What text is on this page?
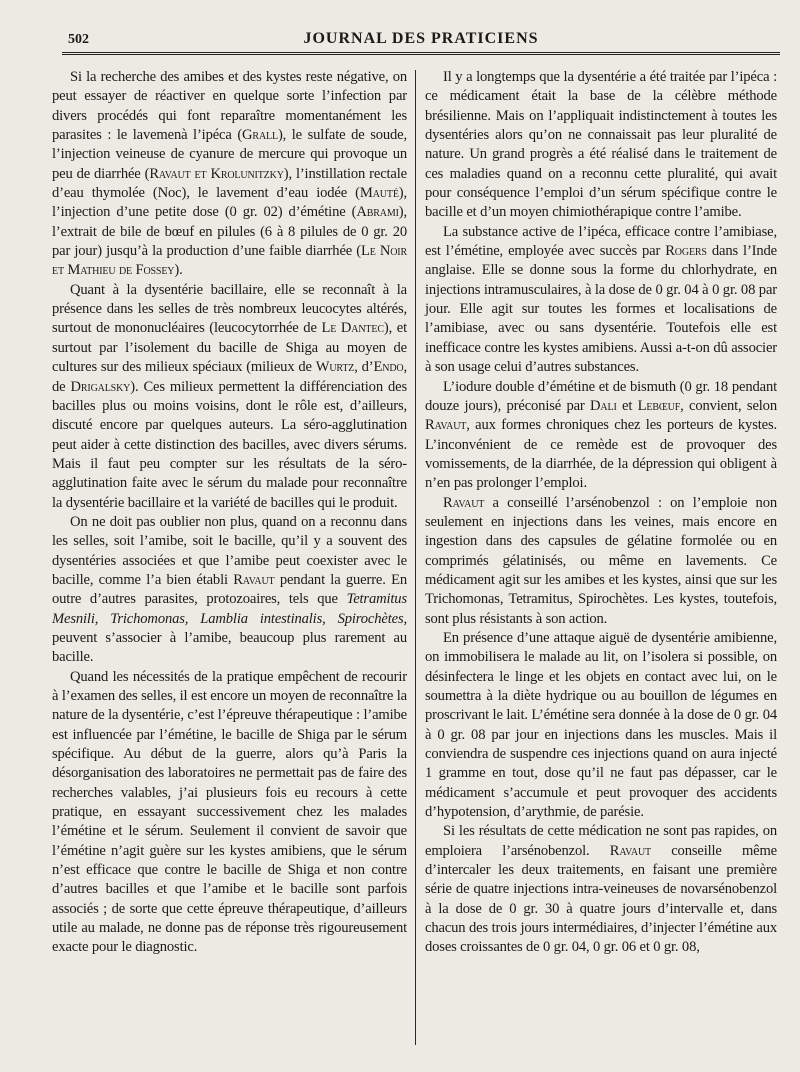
502	JOURNAL DES PRATICIENS

Si la recherche des amibes et des kystes reste négative, on peut essayer de réactiver en quelque sorte l’infection par divers procédés qui font reparaître momentanément les parasites : le lavemenà l’ipéca (Grall), le sulfate de soude, l’injection veineuse de cyanure de mercure qui provoque un peu de diarrhée (Ravaut et Krolunitzky), l’instillation rectale d’eau thymolée (Noc), le lavement d’eau iodée (Mauté), l’injection d’une petite dose (0 gr. 02) d’émétine (Abrami), l’extrait de bile de bœuf en pilules (6 à 8 pilules de 0 gr. 20 par jour) jusqu’à la production d’une faible diarrhée (Le Noir et Mathieu de Fossey).

Quant à la dysentérie bacillaire, elle se reconnaît à la présence dans les selles de très nombreux leucocytes altérés, surtout de mononucléaires (leucocytorrhée de Le Dantec), et surtout par l’isolement du bacille de Shiga au moyen de cultures sur des milieux spéciaux (milieux de Wurtz, d’Endo, de Drigalsky). Ces milieux permettent la différenciation des bacilles plus ou moins voisins, dont le rôle est, d’ailleurs, discuté encore par quelques auteurs. La séro-agglutination peut aider à cette distinction des bacilles, avec divers sérums. Mais il faut peu compter sur les résultats de la séro-agglutination faite avec le sérum du malade pour reconnaître la dysentérie bacillaire et la variété de bacilles qui le produit.

On ne doit pas oublier non plus, quand on a reconnu dans les selles, soit l’amibe, soit le bacille, qu’il y a souvent des dysentéries associées et que l’amibe peut coexister avec le bacille, comme l’a bien établi Ravaut pendant la guerre. En outre d’autres parasites, protozoaires, tels que Tetramitus Mesnili, Trichomonas, Lamblia intestinalis, Spirochètes, peuvent s’associer à l’amibe, beaucoup plus rarement au bacille.

Quand les nécessités de la pratique empêchent de recourir à l’examen des selles, il est encore un moyen de reconnaître la nature de la dysentérie, c’est l’épreuve thérapeutique : l’amibe est influencée par l’émétine, le bacille de Shiga par le sérum spécifique. Au début de la guerre, alors qu’à Paris la désorganisation des laboratoires ne permettait pas de faire des recherches valables, j’ai plusieurs fois eu recours à cette pratique, en essayant successivement chez les malades l’émétine et le sérum. Seulement il convient de savoir que l’émétine n’agit guère sur les kystes amibiens, que le sérum n’est efficace que contre le bacille de Shiga et non contre d’autres bacilles et que l’amibe et le bacille sont parfois associés ; de sorte que cette épreuve thérapeutique, d’ailleurs utile au malade, ne donne pas de réponse très rigoureusement exacte pour le diagnostic.

Il y a longtemps que la dysentérie a été traitée par l’ipéca : ce médicament était la base de la célèbre méthode brésilienne. Mais on l’appliquait indistinctement à toutes les dysentéries alors qu’on ne connaissait pas leur pluralité de nature. Un grand progrès a été réalisé dans le traitement de ces maladies quand on a reconnu cette pluralité, qui avait pour conséquence l’emploi d’un sérum spécifique contre le bacille et d’un moyen chimiothérapique contre l’amibe.

La substance active de l’ipéca, efficace contre l’amibiase, est l’émétine, employée avec succès par Rogers dans l’Inde anglaise. Elle se donne sous la forme du chlorhydrate, en injections intramusculaires, à la dose de 0 gr. 04 à 0 gr. 08 par jour. Elle agit sur toutes les formes et localisations de l’amibiase, avec ou sans dysentérie. Toutefois elle est inefficace contre les kystes amibiens. Aussi a-t-on dû associer à son usage celui d’autres substances.

L’iodure double d’émétine et de bismuth (0 gr. 18 pendant douze jours), préconisé par Dali et Lebœuf, convient, selon Ravaut, aux formes chroniques chez les porteurs de kystes. L’inconvénient de ce remède est de provoquer des vomissements, de la diarrhée, de la dépression qui obligent à n’en pas prolonger l’emploi.

Ravaut a conseillé l’arsénobenzol : on l’emploie non seulement en injections dans les veines, mais encore en ingestion dans des capsules de gélatine formolée ou en comprimés gélatinisés, ou même en lavements. Ce médicament agit sur les amibes et les kystes, ainsi que sur les Trichomonas, Tetramitus, Spirochètes. Les kystes, toutefois, sont plus résistants à son action.

En présence d’une attaque aiguë de dysentérie amibienne, on immobilisera le malade au lit, on l’isolera si possible, on désinfectera le linge et les objets en contact avec lui, on le soumettra à la diète hydrique ou au bouillon de légumes en proscrivant le lait. L’émétine sera donnée à la dose de 0 gr. 04 à 0 gr. 08 par jour en injections dans les muscles. Mais il conviendra de suspendre ces injections quand on aura injecté 1 gramme en tout, dose qu’il ne faut pas dépasser, car le médicament s’accumule et peut provoquer des accidents d’hypotension, d’arythmie, de parésie.

Si les résultats de cette médication ne sont pas rapides, on emploiera l’arsénobenzol. Ravaut conseille même d’intercaler les deux traitements, en faisant une première série de quatre injections intra-veineuses de novarsénobenzol à la dose de 0 gr. 30 à quatre jours d’intervalle et, dans chacun des trois jours intermédiaires, d’injecter l’émétine aux doses croissantes de 0 gr. 04, 0 gr. 06 et 0 gr. 08,
